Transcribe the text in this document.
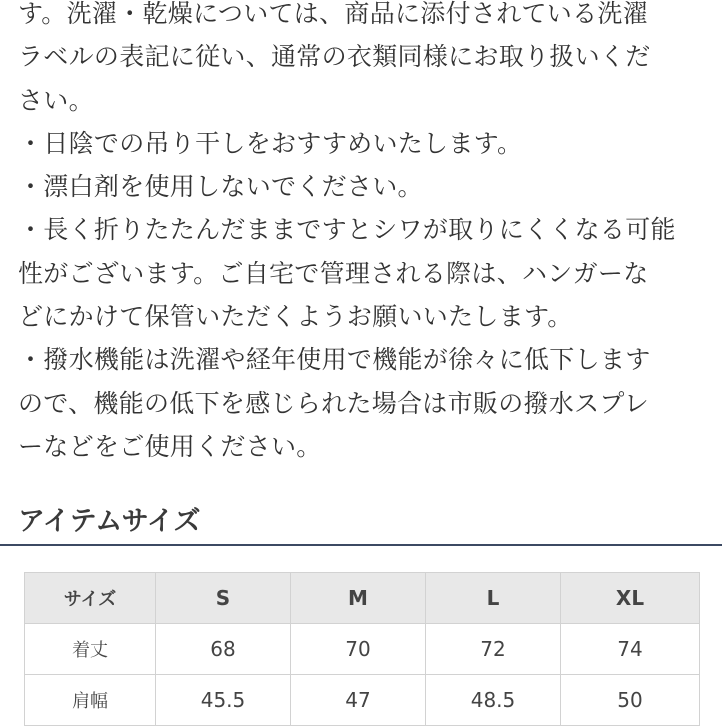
す。洗濯・乾燥については、商品に添付されている洗濯
ラベルの表記に従い、通常の衣類同様にお取り扱いくだ
さい。
・日陰での吊り干しをおすすめいたします。
・漂白剤を使用しないでください。
・長く折りたたんだままですとシワが取りにくくなる可能
性がございます。ご自宅で管理される際は、ハンガーな
どにかけて保管いただくようお願いいたします。
・撥水機能は洗濯や経年使用で機能が徐々に低下します
ので、機能の低下を感じられた場合は市販の撥水スプレ
ーなどをご使用ください。
アイテムサイズ
サイズ	S	M	L	XL
着丈	68	70	72	74
肩幅	45.5	47	48.5	50
